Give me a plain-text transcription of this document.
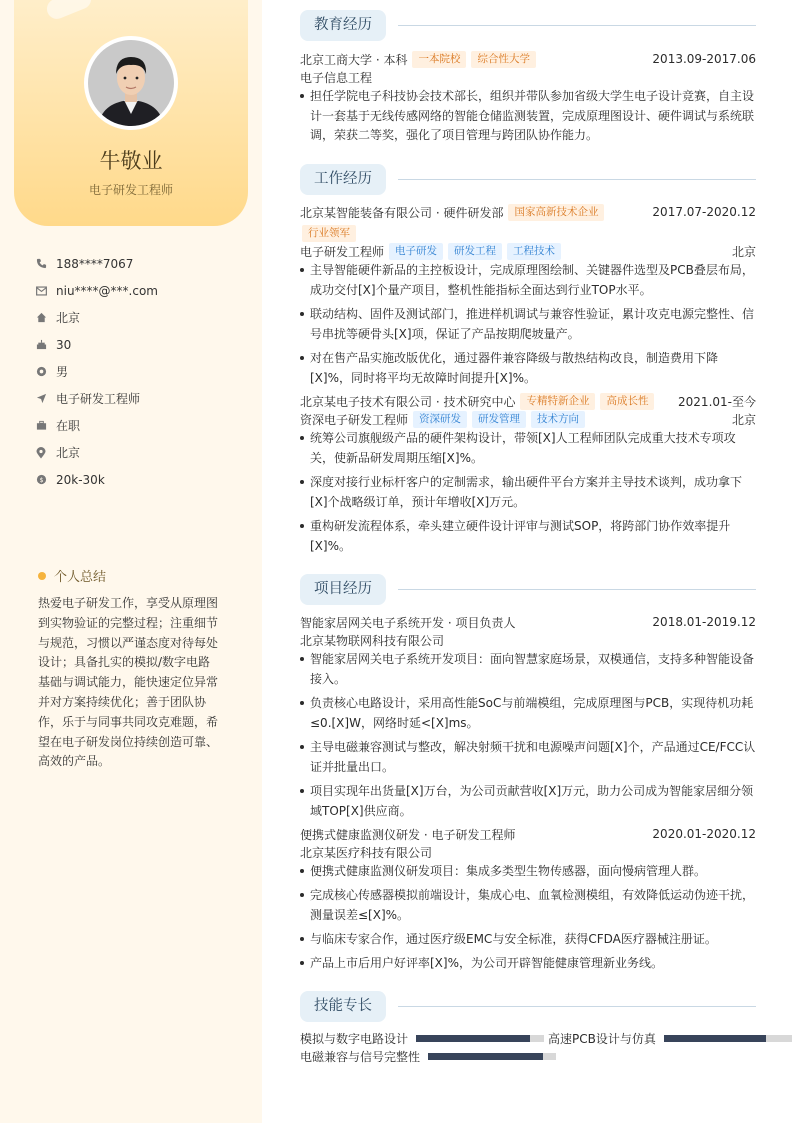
牛敬业
电子研发工程师
188****7067
niu****@***.com
北京
30
男
电子研发工程师
在职
北京
$ 20k-30k
个人总结
热爱电子研发工作，享受从原理图到实物验证的完整过程；注重细节与规范，习惯以严谨态度对待每处设计；具备扎实的模拟/数字电路基础与调试能力，能快速定位异常并对方案持续优化；善于团队协作，乐于与同事共同攻克难题，希望在电子研发岗位持续创造可靠、高效的产品。
教育经历
北京工商大学 · 本科	一本院校	综合性大学	2013.09-2017.06
电子信息工程
担任学院电子科技协会技术部长，组织并带队参加省级大学生电子设计竞赛，自主设计一套基于无线传感网络的智能仓储监测装置，完成原理图设计、硬件调试与系统联调，荣获二等奖，强化了项目管理与跨团队协作能力。
工作经历
北京某智能装备有限公司 · 硬件研发部	国家高新技术企业	2017.07-2020.12
行业领军
电子研发工程师	电子研发	研发工程	工程技术	北京
主导智能硬件新品的主控板设计，完成原理图绘制、关键器件选型及PCB叠层布局，成功交付[X]个量产项目，整机性能指标全面达到行业TOP水平。
联动结构、固件及测试部门，推进样机调试与兼容性验证，累计攻克电源完整性、信号串扰等硬骨头[X]项，保证了产品按期爬坡量产。
对在售产品实施改版优化，通过器件兼容降级与散热结构改良，制造费用下降[X]%，同时将平均无故障时间提升[X]%。
北京某电子技术有限公司 · 技术研究中心	专精特新企业	高成长性	2021.01-至今
资深电子研发工程师	资深研发	研发管理	技术方向	北京
统筹公司旗舰级产品的硬件架构设计，带领[X]人工程师团队完成重大技术专项攻关，使新品研发周期压缩[X]%。
深度对接行业标杆客户的定制需求，输出硬件平台方案并主导技术谈判，成功拿下[X]个战略级订单，预计年增收[X]万元。
重构研发流程体系，牵头建立硬件设计评审与测试SOP，将跨部门协作效率提升[X]%。
项目经历
智能家居网关电子系统开发 · 项目负责人	2018.01-2019.12
北京某物联网科技有限公司
智能家居网关电子系统开发项目：面向智慧家庭场景，双模通信，支持多种智能设备接入。
负责核心电路设计，采用高性能SoC与前端模组，完成原理图与PCB，实现待机功耗≤0.[X]W，网络时延<[X]ms。
主导电磁兼容测试与整改，解决射频干扰和电源噪声问题[X]个，产品通过CE/FCC认证并批量出口。
项目实现年出货量[X]万台，为公司贡献营收[X]万元，助力公司成为智能家居细分领域TOP[X]供应商。
便携式健康监测仪研发 · 电子研发工程师	2020.01-2020.12
北京某医疗科技有限公司
便携式健康监测仪研发项目：集成多类型生物传感器，面向慢病管理人群。
完成核心传感器模拟前端设计，集成心电、血氧检测模组，有效降低运动伪迹干扰，测量误差≤[X]%。
与临床专家合作，通过医疗级EMC与安全标准，获得CFDA医疗器械注册证。
产品上市后用户好评率[X]%，为公司开辟智能健康管理新业务线。
技能专长
模拟与数字电路设计	高速PCB设计与仿真
电磁兼容与信号完整性
